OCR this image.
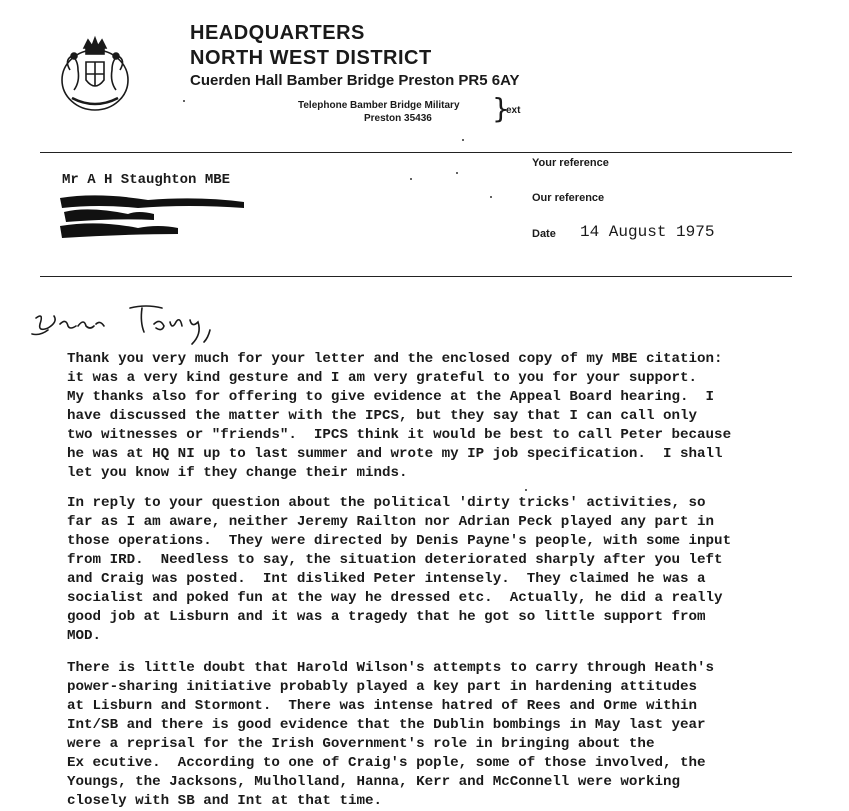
HEADQUARTERS
NORTH WEST DISTRICT
Cuerden Hall Bamber Bridge Preston PR5 6AY
Telephone Bamber Bridge Military
Preston 35436	}
ext
Mr A H Staughton MBE
Your reference
Our reference
Date 14 August 1975
Thank you very much for your letter and the enclosed copy of my MBE citation:
it was a very kind gesture and I am very grateful to you for your support.
My thanks also for offering to give evidence at the Appeal Board hearing.  I
have discussed the matter with the IPCS, but they say that I can call only
two witnesses or "friends".  IPCS think it would be best to call Peter because
he was at HQ NI up to last summer and wrote my IP job specification.  I shall
let you know if they change their minds.
In reply to your question about the political 'dirty tricks' activities, so
far as I am aware, neither Jeremy Railton nor Adrian Peck played any part in
those operations.  They were directed by Denis Payne's people, with some input
from IRD.  Needless to say, the situation deteriorated sharply after you left
and Craig was posted.  Int disliked Peter intensely.  They claimed he was a
socialist and poked fun at the way he dressed etc.  Actually, he did a really
good job at Lisburn and it was a tragedy that he got so little support from
MOD.
There is little doubt that Harold Wilson's attempts to carry through Heath's
power-sharing initiative probably played a key part in hardening attitudes
at Lisburn and Stormont.  There was intense hatred of Rees and Orme within
Int/SB and there is good evidence that the Dublin bombings in May last year
were a reprisal for the Irish Government's role in bringing about the
Ex ecutive.  According to one of Craig's pople, some of those involved, the
Youngs, the Jacksons, Mulholland, Hanna, Kerr and McConnell were working
closely with SB and Int at that time.
